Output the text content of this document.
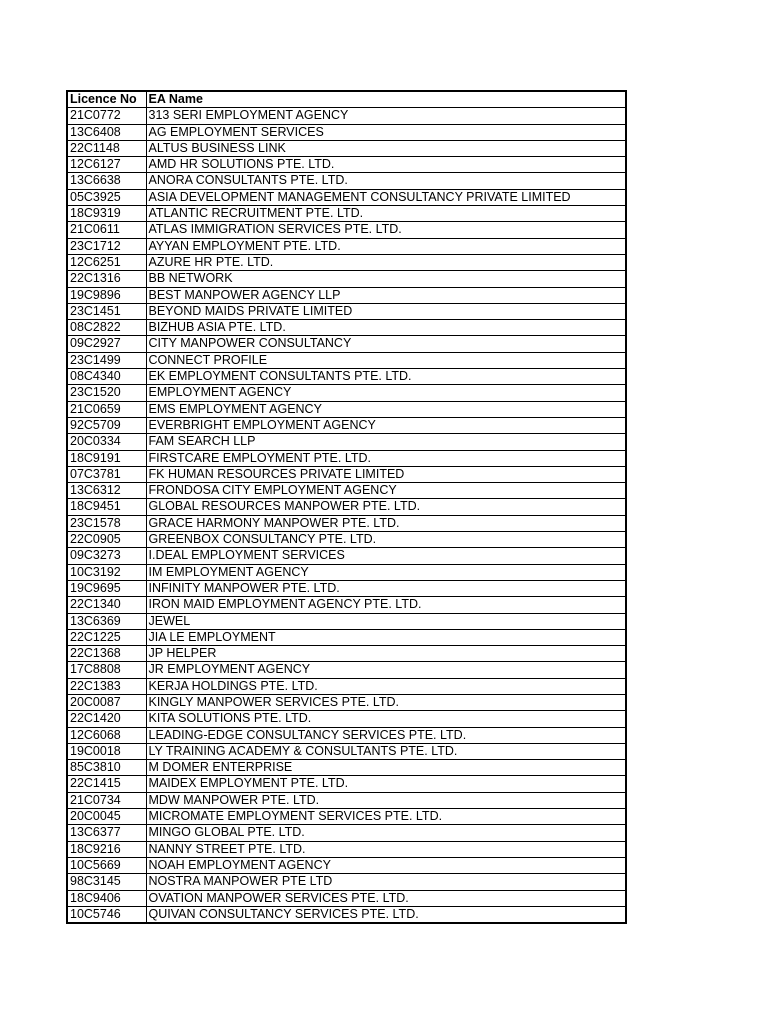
Licence No	EA Name
21C0772	313 SERI EMPLOYMENT AGENCY
13C6408	AG EMPLOYMENT SERVICES
22C1148	ALTUS BUSINESS LINK
12C6127	AMD HR SOLUTIONS PTE. LTD.
13C6638	ANORA CONSULTANTS PTE. LTD.
05C3925	ASIA DEVELOPMENT MANAGEMENT CONSULTANCY PRIVATE LIMITED
18C9319	ATLANTIC RECRUITMENT PTE. LTD.
21C0611	ATLAS IMMIGRATION SERVICES PTE. LTD.
23C1712	AYYAN EMPLOYMENT PTE. LTD.
12C6251	AZURE HR PTE. LTD.
22C1316	BB NETWORK
19C9896	BEST MANPOWER AGENCY LLP
23C1451	BEYOND MAIDS PRIVATE LIMITED
08C2822	BIZHUB ASIA PTE. LTD.
09C2927	CITY MANPOWER CONSULTANCY
23C1499	CONNECT PROFILE
08C4340	EK EMPLOYMENT CONSULTANTS PTE. LTD.
23C1520	EMPLOYMENT AGENCY
21C0659	EMS EMPLOYMENT AGENCY
92C5709	EVERBRIGHT EMPLOYMENT AGENCY
20C0334	FAM SEARCH LLP
18C9191	FIRSTCARE EMPLOYMENT PTE. LTD.
07C3781	FK HUMAN RESOURCES PRIVATE LIMITED
13C6312	FRONDOSA CITY EMPLOYMENT AGENCY
18C9451	GLOBAL RESOURCES MANPOWER PTE. LTD.
23C1578	GRACE HARMONY MANPOWER PTE. LTD.
22C0905	GREENBOX CONSULTANCY PTE. LTD.
09C3273	I.DEAL EMPLOYMENT SERVICES
10C3192	IM EMPLOYMENT AGENCY
19C9695	INFINITY MANPOWER PTE. LTD.
22C1340	IRON MAID EMPLOYMENT AGENCY PTE. LTD.
13C6369	JEWEL
22C1225	JIA LE EMPLOYMENT
22C1368	JP HELPER
17C8808	JR EMPLOYMENT AGENCY
22C1383	KERJA HOLDINGS PTE. LTD.
20C0087	KINGLY MANPOWER SERVICES PTE. LTD.
22C1420	KITA SOLUTIONS PTE. LTD.
12C6068	LEADING-EDGE CONSULTANCY SERVICES PTE. LTD.
19C0018	LY TRAINING ACADEMY & CONSULTANTS PTE. LTD.
85C3810	M DOMER ENTERPRISE
22C1415	MAIDEX EMPLOYMENT PTE. LTD.
21C0734	MDW MANPOWER PTE. LTD.
20C0045	MICROMATE EMPLOYMENT SERVICES PTE. LTD.
13C6377	MINGO GLOBAL PTE. LTD.
18C9216	NANNY STREET PTE. LTD.
10C5669	NOAH EMPLOYMENT AGENCY
98C3145	NOSTRA MANPOWER PTE LTD
18C9406	OVATION MANPOWER SERVICES PTE. LTD.
10C5746	QUIVAN CONSULTANCY SERVICES PTE. LTD.
